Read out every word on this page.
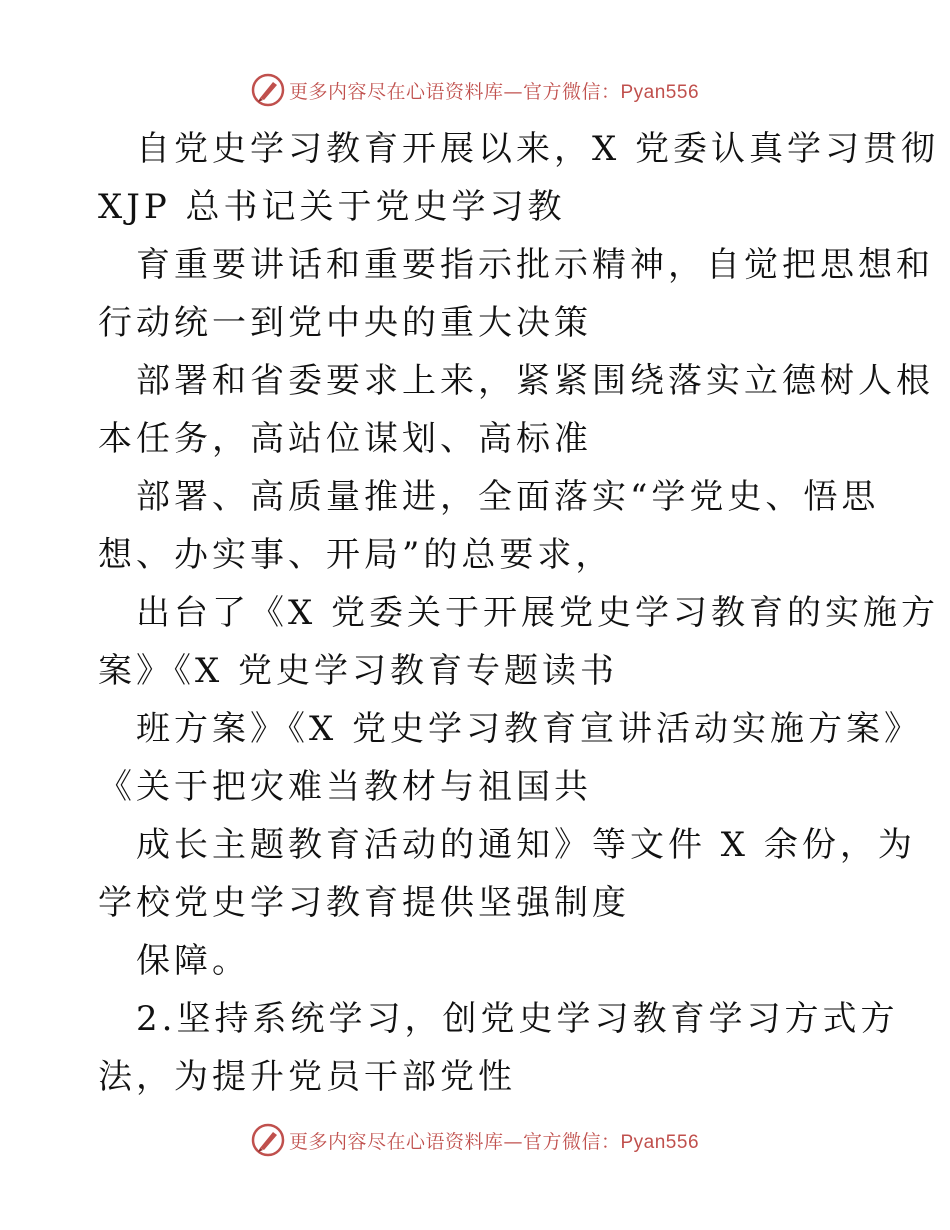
更多内容尽在心语资料库—官方微信：Pyan556

自党史学习教育开展以来，X 党委认真学习贯彻
XJP 总书记关于党史学习教

育重要讲话和重要指示批示精神，自觉把思想和
行动统一到党中央的重大决策

部署和省委要求上来，紧紧围绕落实立德树人根
本任务，高站位谋划、高标准

部署、高质量推进，全面落实“学党史、悟思
想、办实事、开局”的总要求，

出台了《X 党委关于开展党史学习教育的实施方
案》《X 党史学习教育专题读书

班方案》《X 党史学习教育宣讲活动实施方案》
《关于把灾难当教材与祖国共

成长主题教育活动的通知》等文件 X 余份，为
学校党史学习教育提供坚强制度

保障。

2.坚持系统学习，创党史学习教育学习方式方
法，为提升党员干部党性

更多内容尽在心语资料库—官方微信：Pyan556
